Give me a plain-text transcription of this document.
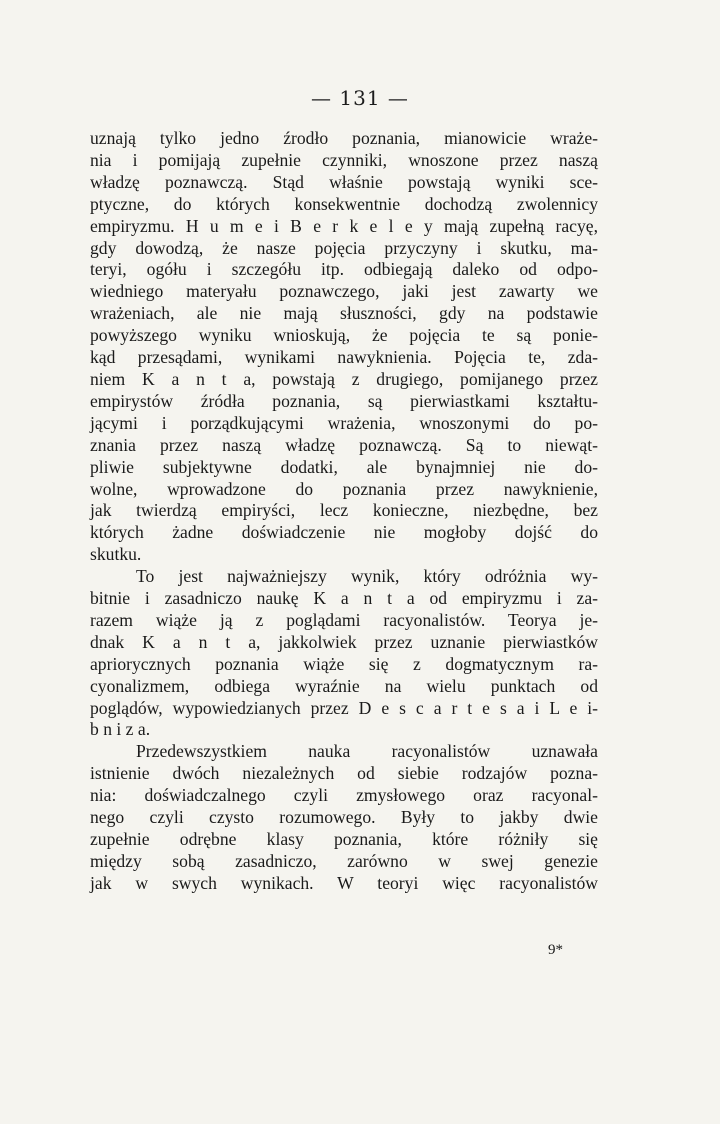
— 131 —
uznają tylko jedno źrodło poznania, mianowicie wraże-
nia i pomijają zupełnie czynniki, wnoszone przez naszą
władzę poznawczą. Stąd właśnie powstają wyniki sce-
ptyczne, do których konsekwentnie dochodzą zwolennicy
empiryzmu. H u m e i B e r k e l e y mają zupełną racyę,
gdy dowodzą, że nasze pojęcia przyczyny i skutku, ma-
teryi, ogółu i szczegółu itp. odbiegają daleko od odpo-
wiedniego materyału poznawczego, jaki jest zawarty we
wrażeniach, ale nie mają słuszności, gdy na podstawie
powyższego wyniku wnioskują, że pojęcia te są ponie-
kąd przesądami, wynikami nawyknienia. Pojęcia te, zda-
niem K a n t a, powstają z drugiego, pomijanego przez
empirystów źródła poznania, są pierwiastkami kształtu-
jącymi i porządkującymi wrażenia, wnoszonymi do po-
znania przez naszą władzę poznawczą. Są to niewąt-
pliwie subjektywne dodatki, ale bynajmniej nie do-
wolne, wprowadzone do poznania przez nawyknienie,
jak twierdzą empiryści, lecz konieczne, niezbędne, bez
których żadne doświadczenie nie mogłoby dojść do
skutku.
To jest najważniejszy wynik, który odróżnia wy-
bitnie i zasadniczo naukę K a n t a od empiryzmu i za-
razem wiąże ją z poglądami racyonalistów. Teorya je-
dnak K a n t a, jakkolwiek przez uznanie pierwiastków
apriorycznych poznania wiąże się z dogmatycznym ra-
cyonalizmem, odbiega wyraźnie na wielu punktach od
poglądów, wypowiedzianych przez D e s c a r t e s a i L e i-
b n i z a.
Przedewszystkiem nauka racyonalistów uznawała
istnienie dwóch niezależnych od siebie rodzajów pozna-
nia: doświadczalnego czyli zmysłowego oraz racyonal-
nego czyli czysto rozumowego. Były to jakby dwie
zupełnie odrębne klasy poznania, które różniły się
między sobą zasadniczo, zarówno w swej genezie
jak w swych wynikach. W teoryi więc racyonalistów
9*
